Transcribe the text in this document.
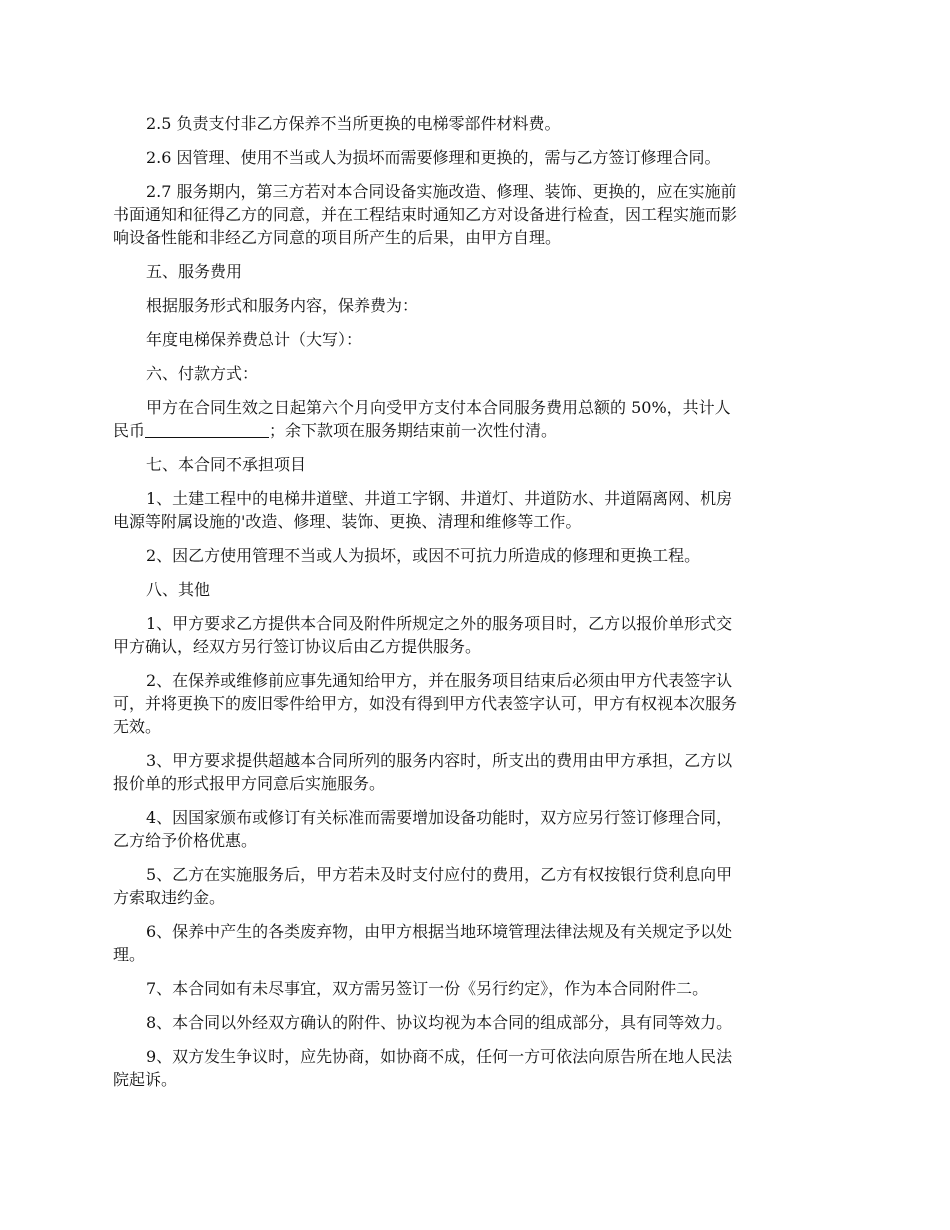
2.5 负责支付非乙方保养不当所更换的电梯零部件材料费。

2.6 因管理、使用不当或人为损坏而需要修理和更换的，需与乙方签订修理合同。

2.7 服务期内，第三方若对本合同设备实施改造、修理、装饰、更换的，应在实施前
书面通知和征得乙方的同意，并在工程结束时通知乙方对设备进行检查，因工程实施而影
响设备性能和非经乙方同意的项目所产生的后果，由甲方自理。

五、服务费用

根据服务形式和服务内容，保养费为：

年度电梯保养费总计（大写）：

六、付款方式：

甲方在合同生效之日起第六个月向受甲方支付本合同服务费用总额的 50%，共计人
民币	；余下款项在服务期结束前一次性付清。

七、本合同不承担项目

1、土建工程中的电梯井道壁、井道工字钢、井道灯、井道防水、井道隔离网、机房
电源等附属设施的'改造、修理、装饰、更换、清理和维修等工作。

2、因乙方使用管理不当或人为损坏，或因不可抗力所造成的修理和更换工程。

八、其他

1、甲方要求乙方提供本合同及附件所规定之外的服务项目时，乙方以报价单形式交
甲方确认，经双方另行签订协议后由乙方提供服务。

2、在保养或维修前应事先通知给甲方，并在服务项目结束后必须由甲方代表签字认
可，并将更换下的废旧零件给甲方，如没有得到甲方代表签字认可，甲方有权视本次服务
无效。

3、甲方要求提供超越本合同所列的服务内容时，所支出的费用由甲方承担，乙方以
报价单的形式报甲方同意后实施服务。

4、因国家颁布或修订有关标准而需要增加设备功能时，双方应另行签订修理合同，
乙方给予价格优惠。

5、乙方在实施服务后，甲方若未及时支付应付的费用，乙方有权按银行贷利息向甲
方索取违约金。

6、保养中产生的各类废弃物，由甲方根据当地环境管理法律法规及有关规定予以处
理。

7、本合同如有未尽事宜，双方需另签订一份《另行约定》，作为本合同附件二。

8、本合同以外经双方确认的附件、协议均视为本合同的组成部分，具有同等效力。

9、双方发生争议时，应先协商，如协商不成，任何一方可依法向原告所在地人民法
院起诉。
